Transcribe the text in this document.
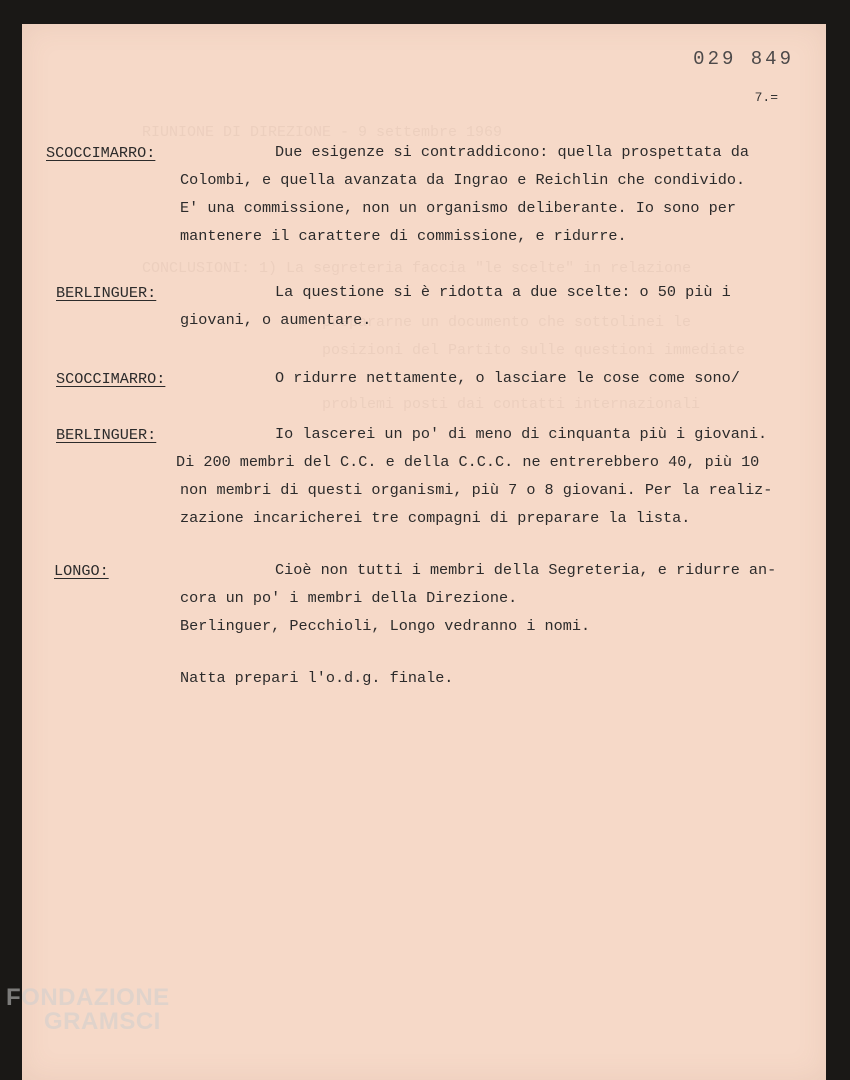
RIUNIONE DI DIREZIONE - 9 settembre 1969
CONCLUSIONI: 1) La segreteria faccia "le scelte" in relazione
prepararne un documento che sottolinei le
posizioni del Partito sulle questioni immediate
problemi posti dai contatti internazionali
029 849
7.=
SCOCCIMARRO:	Due esigenze si contraddicono: quella prospettata da
Colombi, e quella avanzata da Ingrao e Reichlin che condivido.
E' una commissione, non un organismo deliberante. Io sono per
mantenere il carattere di commissione, e ridurre.
BERLINGUER:	La questione si è ridotta a due scelte: o 50 più i
giovani, o aumentare.
SCOCCIMARRO:	O ridurre nettamente, o lasciare le cose come sono/
BERLINGUER:	Io lascerei un po' di meno di cinquanta più i giovani.
Di 200 membri del C.C. e della C.C.C. ne entrerebbero 40, più 10
non membri di questi organismi, più 7 o 8 giovani. Per la realiz-
zazione incaricherei tre compagni di preparare la lista.
LONGO:	Cioè non tutti i membri della Segreteria, e ridurre an-
cora un po' i membri della Direzione.
Berlinguer, Pecchioli, Longo vedranno i nomi.
Natta prepari l'o.d.g. finale.
FONDAZIONE
GRAMSCI
